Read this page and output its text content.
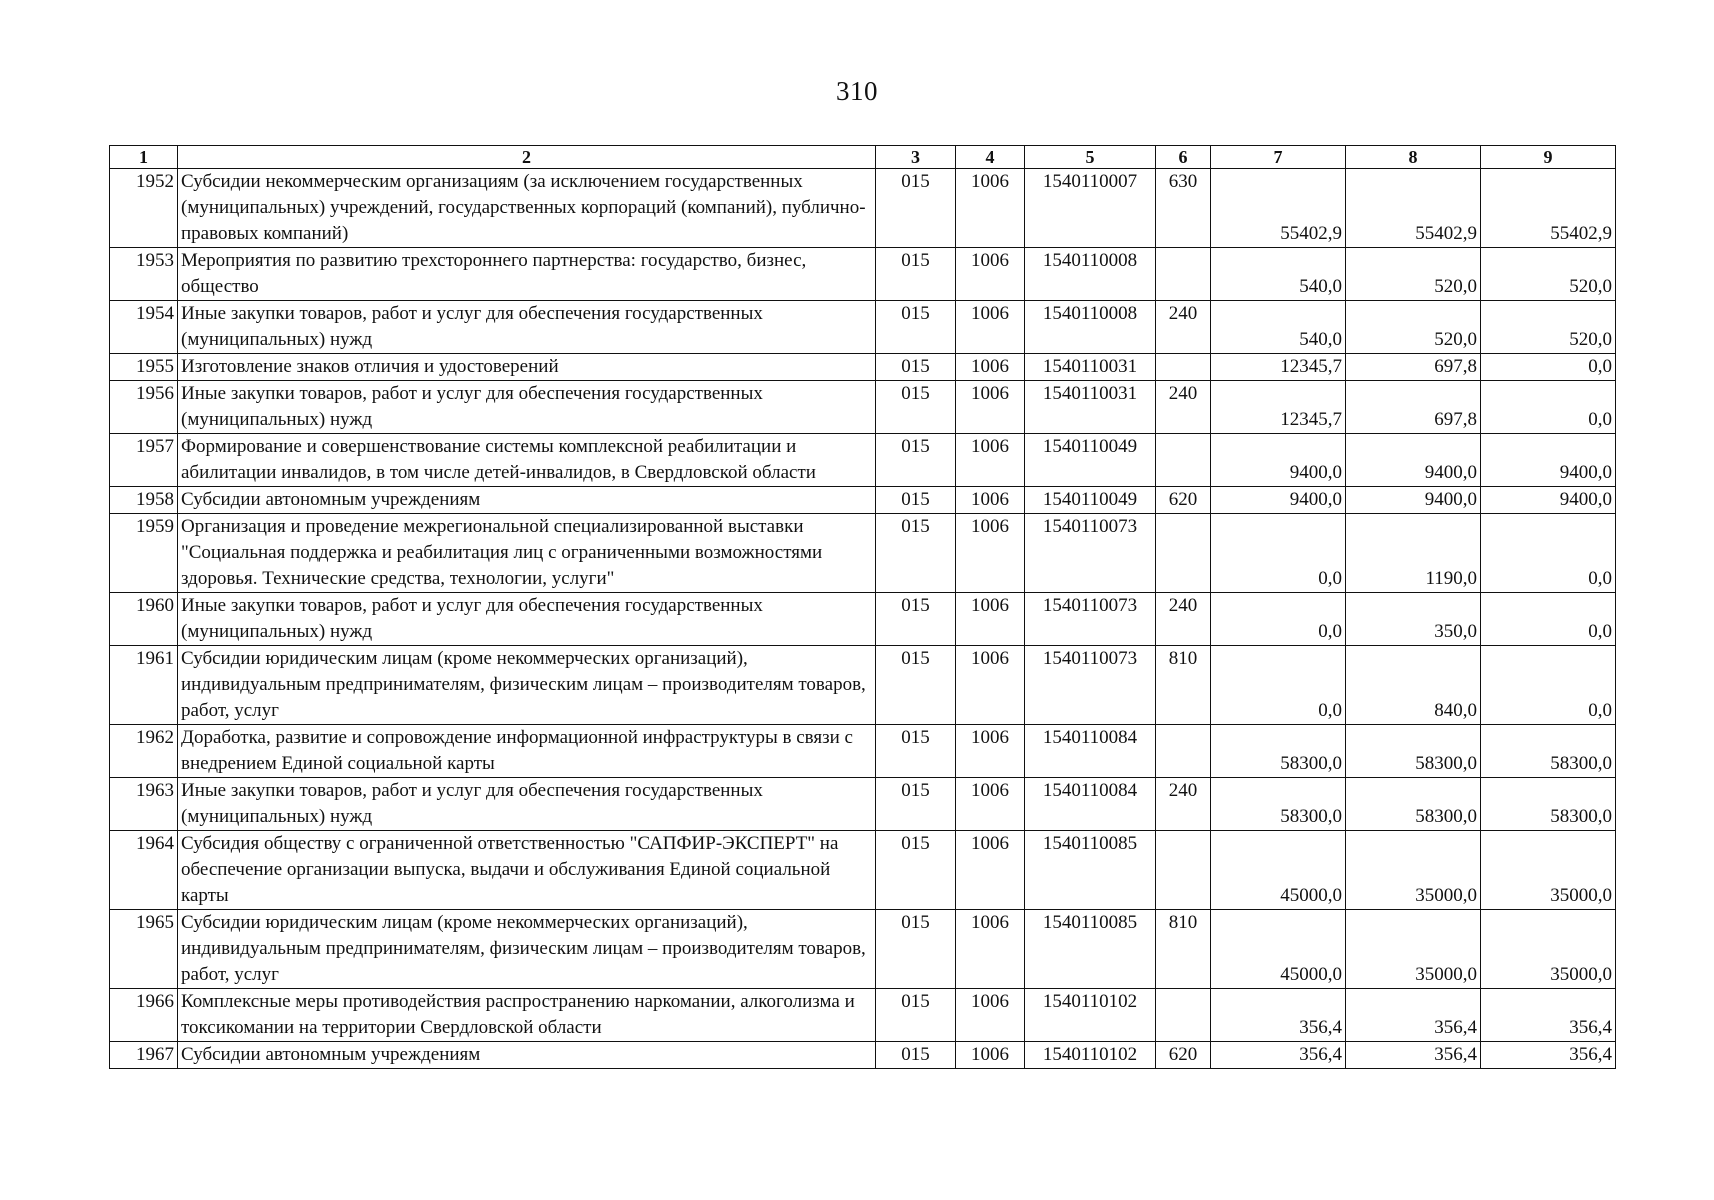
310
1	2	3	4	5	6	7	8	9
1952	Субсидии некоммерческим организациям (за исключением государственных (муниципальных) учреждений, государственных корпораций (компаний), публично-правовых компаний)	015	1006	1540110007	630	55402,9	55402,9	55402,9
1953	Мероприятия по развитию трехстороннего партнерства: государство, бизнес, общество	015	1006	1540110008		540,0	520,0	520,0
1954	Иные закупки товаров, работ и услуг для обеспечения государственных (муниципальных) нужд	015	1006	1540110008	240	540,0	520,0	520,0
1955	Изготовление знаков отличия и удостоверений	015	1006	1540110031		12345,7	697,8	0,0
1956	Иные закупки товаров, работ и услуг для обеспечения государственных (муниципальных) нужд	015	1006	1540110031	240	12345,7	697,8	0,0
1957	Формирование и совершенствование системы комплексной реабилитации и абилитации инвалидов, в том числе детей-инвалидов, в Свердловской области	015	1006	1540110049		9400,0	9400,0	9400,0
1958	Субсидии автономным учреждениям	015	1006	1540110049	620	9400,0	9400,0	9400,0
1959	Организация и проведение межрегиональной специализированной выставки "Социальная поддержка и реабилитация лиц с ограниченными возможностями здоровья. Технические средства, технологии, услуги"	015	1006	1540110073		0,0	1190,0	0,0
1960	Иные закупки товаров, работ и услуг для обеспечения государственных (муниципальных) нужд	015	1006	1540110073	240	0,0	350,0	0,0
1961	Субсидии юридическим лицам (кроме некоммерческих организаций), индивидуальным предпринимателям, физическим лицам – производителям товаров, работ, услуг	015	1006	1540110073	810	0,0	840,0	0,0
1962	Доработка, развитие и сопровождение информационной инфраструктуры в связи с внедрением Единой социальной карты	015	1006	1540110084		58300,0	58300,0	58300,0
1963	Иные закупки товаров, работ и услуг для обеспечения государственных (муниципальных) нужд	015	1006	1540110084	240	58300,0	58300,0	58300,0
1964	Субсидия обществу с ограниченной ответственностью "САПФИР-ЭКСПЕРТ" на обеспечение организации выпуска, выдачи и обслуживания Единой социальной карты	015	1006	1540110085		45000,0	35000,0	35000,0
1965	Субсидии юридическим лицам (кроме некоммерческих организаций), индивидуальным предпринимателям, физическим лицам – производителям товаров, работ, услуг	015	1006	1540110085	810	45000,0	35000,0	35000,0
1966	Комплексные меры противодействия распространению наркомании, алкоголизма и токсикомании на территории Свердловской области	015	1006	1540110102		356,4	356,4	356,4
1967	Субсидии автономным учреждениям	015	1006	1540110102	620	356,4	356,4	356,4
